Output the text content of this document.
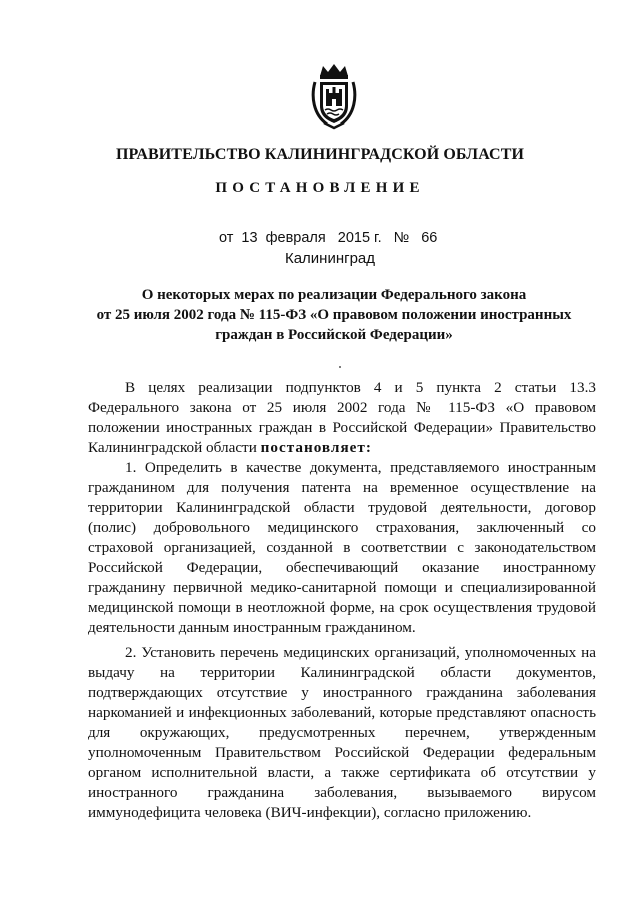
ПРАВИТЕЛЬСТВО КАЛИНИНГРАДСКОЙ ОБЛАСТИ
ПОСТАНОВЛЕНИЕ
от 13 февраля 2015 г. № 66
Калининград
О некоторых мерах по реализации Федерального закона
от 25 июля 2002 года № 115-ФЗ «О правовом положении иностранных
граждан в Российской Федерации»

В целях реализации подпунктов 4 и 5 пункта 2 статьи 13.3

Федерального закона от 25 июля 2002 года № 115-ФЗ «О правовом

положении иностранных граждан в Российской Федерации» Правительство

Калининградской области постановляет:

1. Определить в качестве документа, представляемого иностранным

гражданином для получения патента на временное осуществление на

территории Калининградской области трудовой деятельности, договор

(полис) добровольного медицинского страхования, заключенный со

страховой организацией, созданной в соответствии с законодательством

Российской Федерации, обеспечивающий оказание иностранному

гражданину первичной медико-санитарной помощи и специализированной

медицинской помощи в неотложной форме, на срок осуществления трудовой

деятельности данным иностранным гражданином.

2. Установить перечень медицинских организаций, уполномоченных на

выдачу на территории Калининградской области документов,

подтверждающих отсутствие у иностранного гражданина заболевания

наркоманией и инфекционных заболеваний, которые представляют опасность

для окружающих, предусмотренных перечнем, утвержденным

уполномоченным Правительством Российской Федерации федеральным

органом исполнительной власти, а также сертификата об отсутствии у

иностранного гражданина заболевания, вызываемого вирусом

иммунодефицита человека (ВИЧ-инфекции), согласно приложению.
